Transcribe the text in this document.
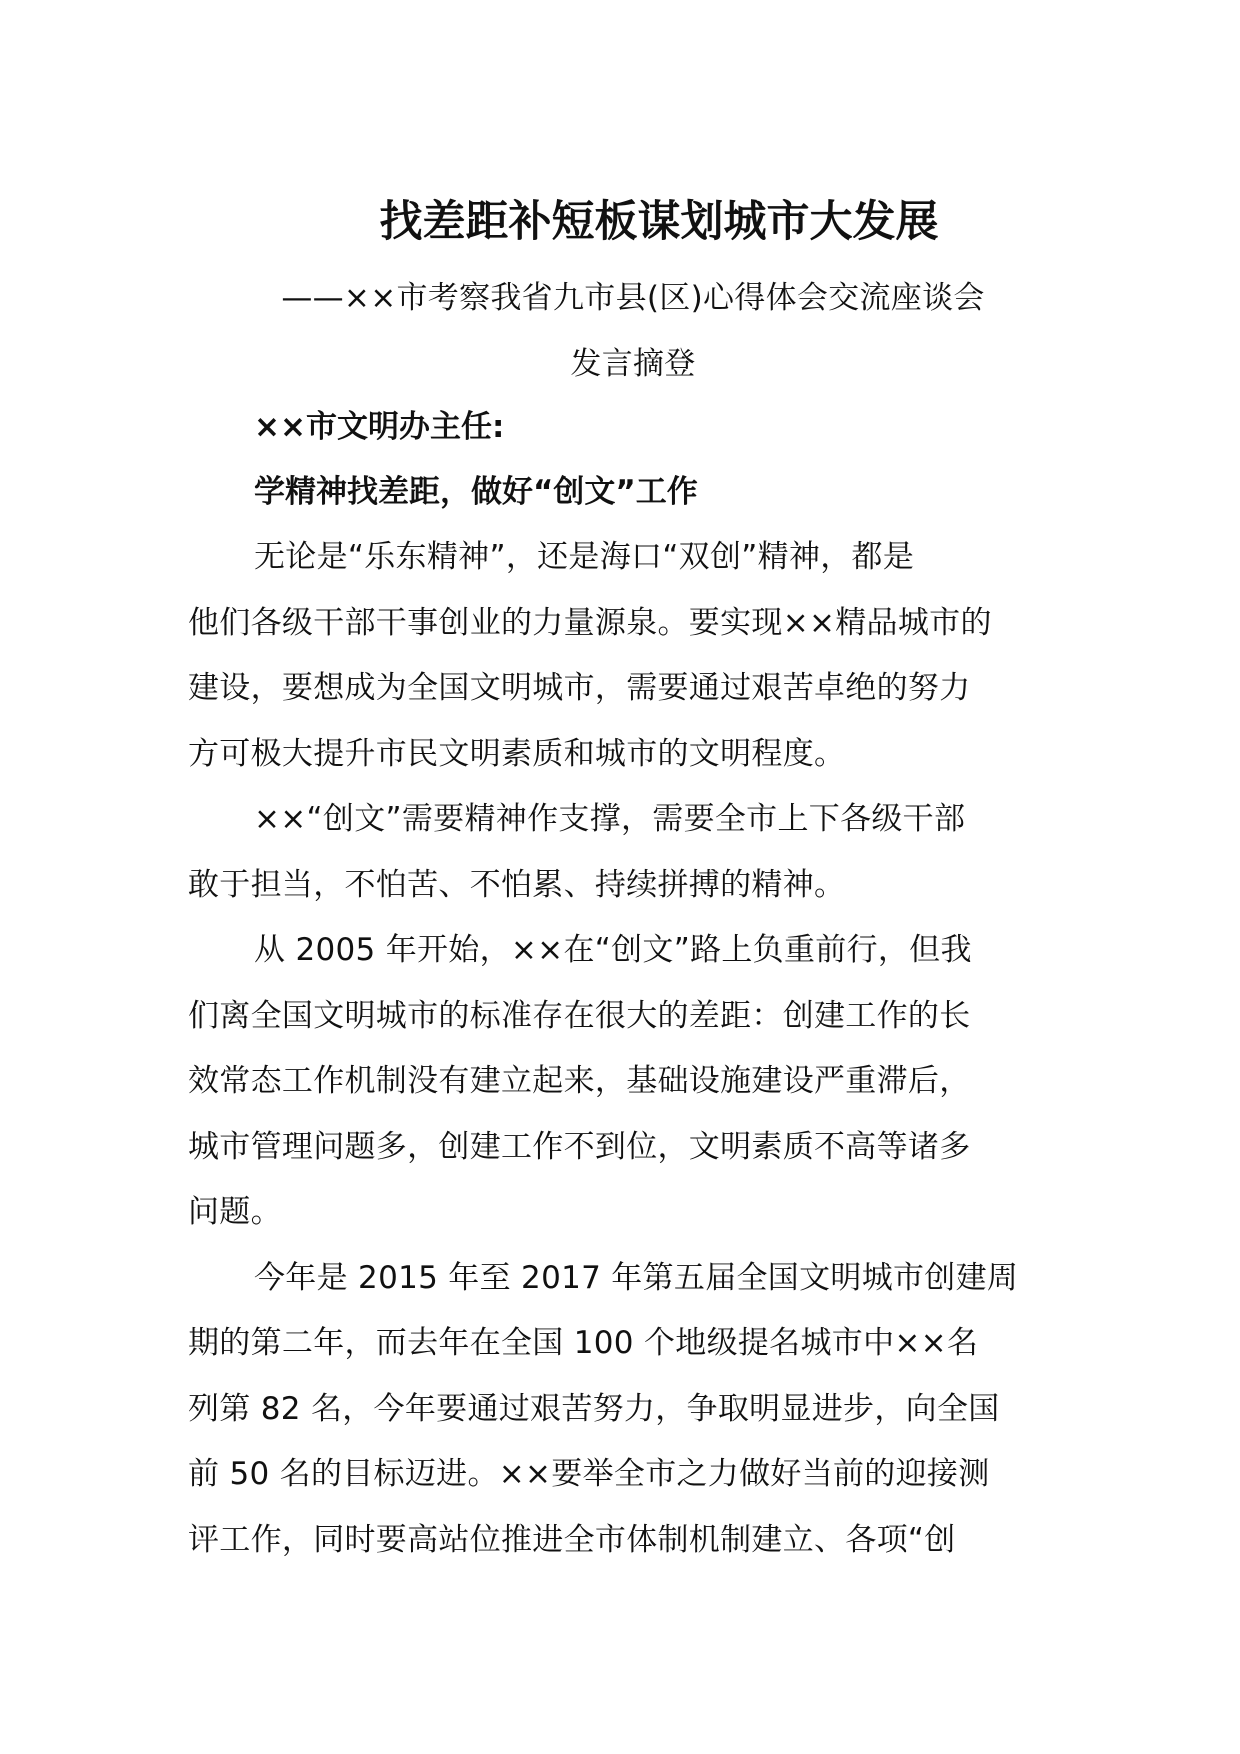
找差距补短板谋划城市大发展
——××市考察我省九市县(区)心得体会交流座谈会
发言摘登
××市文明办主任:
学精神找差距，做好“创文”工作
无论是“乐东精神”，还是海口“双创”精神，都是
他们各级干部干事创业的力量源泉。要实现××精品城市的
建设，要想成为全国文明城市，需要通过艰苦卓绝的努力
方可极大提升市民文明素质和城市的文明程度。
××“创文”需要精神作支撑，需要全市上下各级干部
敢于担当，不怕苦、不怕累、持续拼搏的精神。
从 2005 年开始，××在“创文”路上负重前行，但我
们离全国文明城市的标准存在很大的差距：创建工作的长
效常态工作机制没有建立起来，基础设施建设严重滞后，
城市管理问题多，创建工作不到位，文明素质不高等诸多
问题。
今年是 2015 年至 2017 年第五届全国文明城市创建周
期的第二年，而去年在全国 100 个地级提名城市中××名
列第 82 名，今年要通过艰苦努力，争取明显进步，向全国
前 50 名的目标迈进。××要举全市之力做好当前的迎接测
评工作，同时要高站位推进全市体制机制建立、各项“创
